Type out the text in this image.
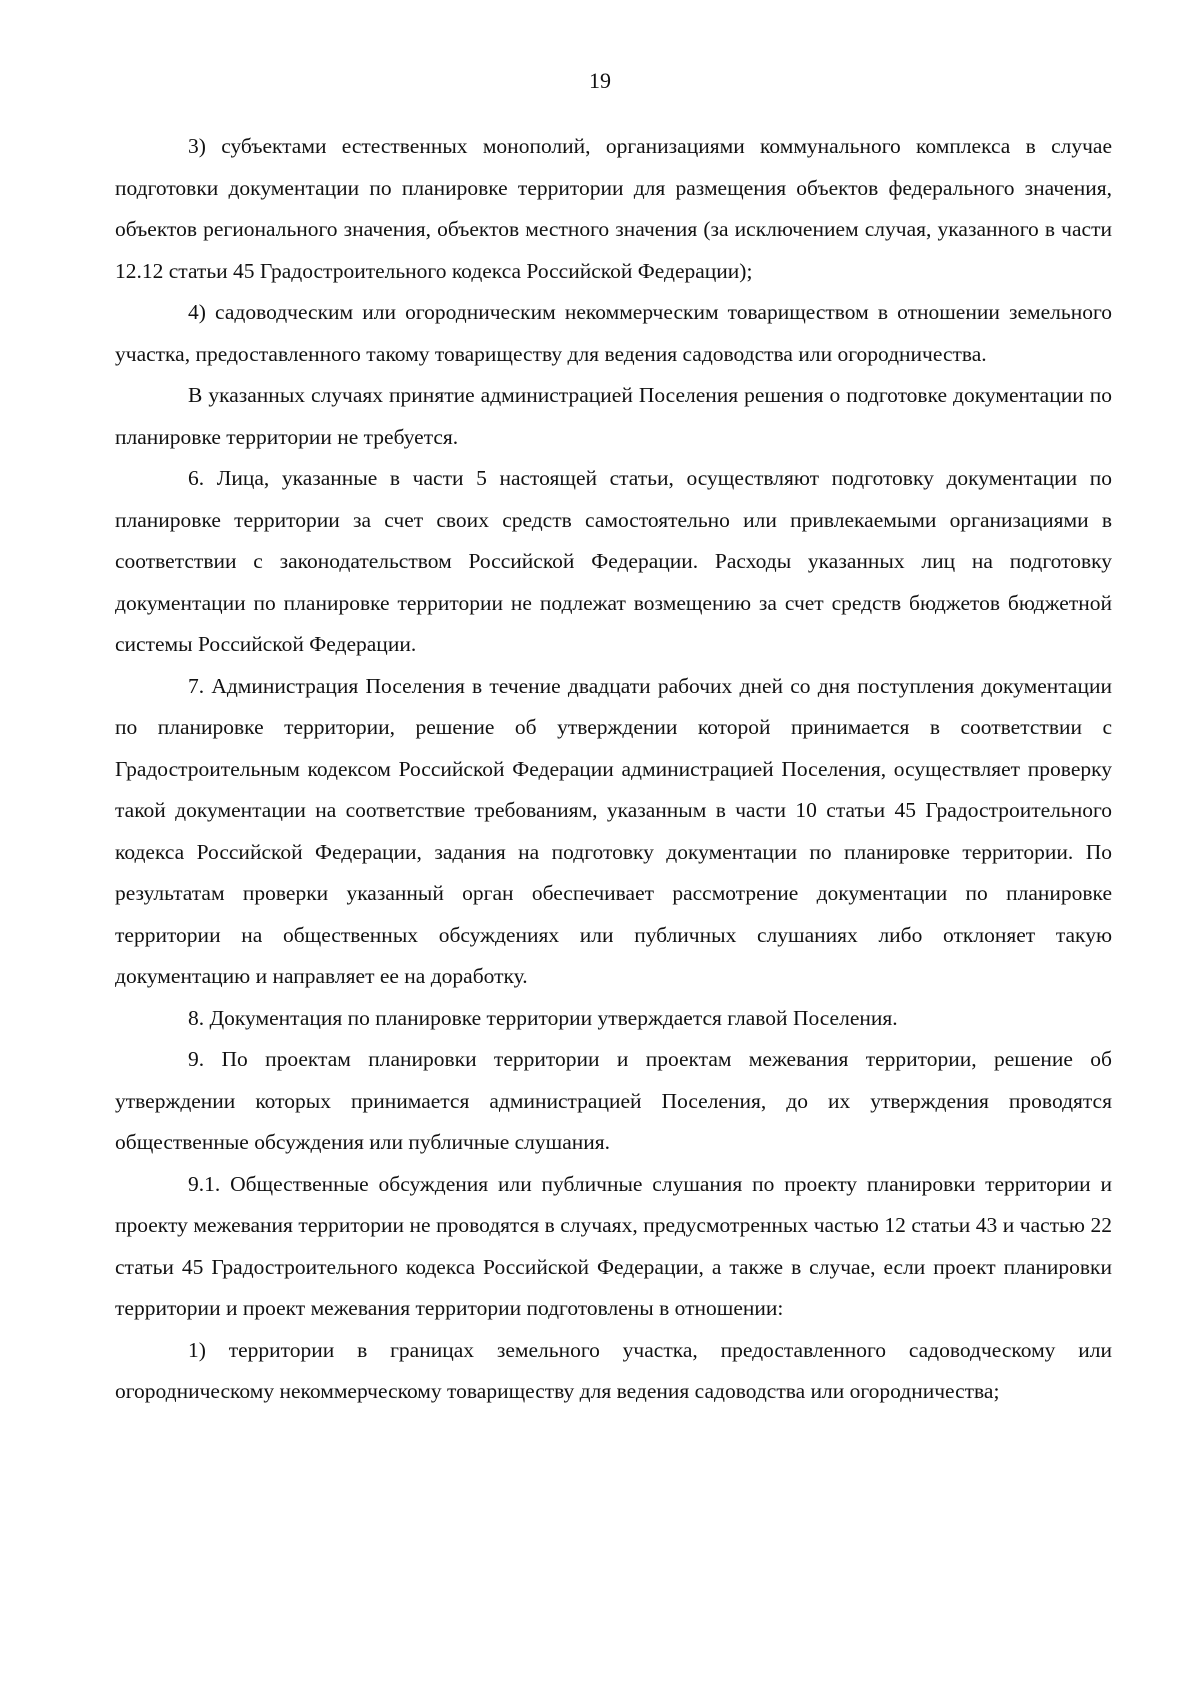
19

3) субъектами естественных монополий, организациями коммунального комплекса в случае подготовки документации по планировке территории для размещения объектов федерального значения, объектов регионального значения, объектов местного значения (за исключением случая, указанного в части 12.12 статьи 45 Градостроительного кодекса Российской Федерации);

4) садоводческим или огородническим некоммерческим товариществом в отношении земельного участка, предоставленного такому товариществу для ведения садоводства или огородничества.

В указанных случаях принятие администрацией Поселения решения о подготовке документации по планировке территории не требуется.

6. Лица, указанные в части 5 настоящей статьи, осуществляют подготовку документации по планировке территории за счет своих средств самостоятельно или привлекаемыми организациями в соответствии с законодательством Российской Федерации. Расходы указанных лиц на подготовку документации по планировке территории не подлежат возмещению за счет средств бюджетов бюджетной системы Российской Федерации.

7. Администрация Поселения в течение двадцати рабочих дней со дня поступления документации по планировке территории, решение об утверждении которой принимается в соответствии с Градостроительным кодексом Российской Федерации администрацией Поселения, осуществляет проверку такой документации на соответствие требованиям, указанным в части 10 статьи 45 Градостроительного кодекса Российской Федерации, задания на подготовку документации по планировке территории. По результатам проверки указанный орган обеспечивает рассмотрение документации по планировке территории на общественных обсуждениях или публичных слушаниях либо отклоняет такую документацию и направляет ее на доработку.

8. Документация по планировке территории утверждается главой Поселения.

9. По проектам планировки территории и проектам межевания территории, решение об утверждении которых принимается администрацией Поселения, до их утверждения проводятся общественные обсуждения или публичные слушания.

9.1. Общественные обсуждения или публичные слушания по проекту планировки территории и проекту межевания территории не проводятся в случаях, предусмотренных частью 12 статьи 43 и частью 22 статьи 45 Градостроительного кодекса Российской Федерации, а также в случае, если проект планировки территории и проект межевания территории подготовлены в отношении:

1) территории в границах земельного участка, предоставленного садоводческому или огородническому некоммерческому товариществу для ведения садоводства или огородничества;
